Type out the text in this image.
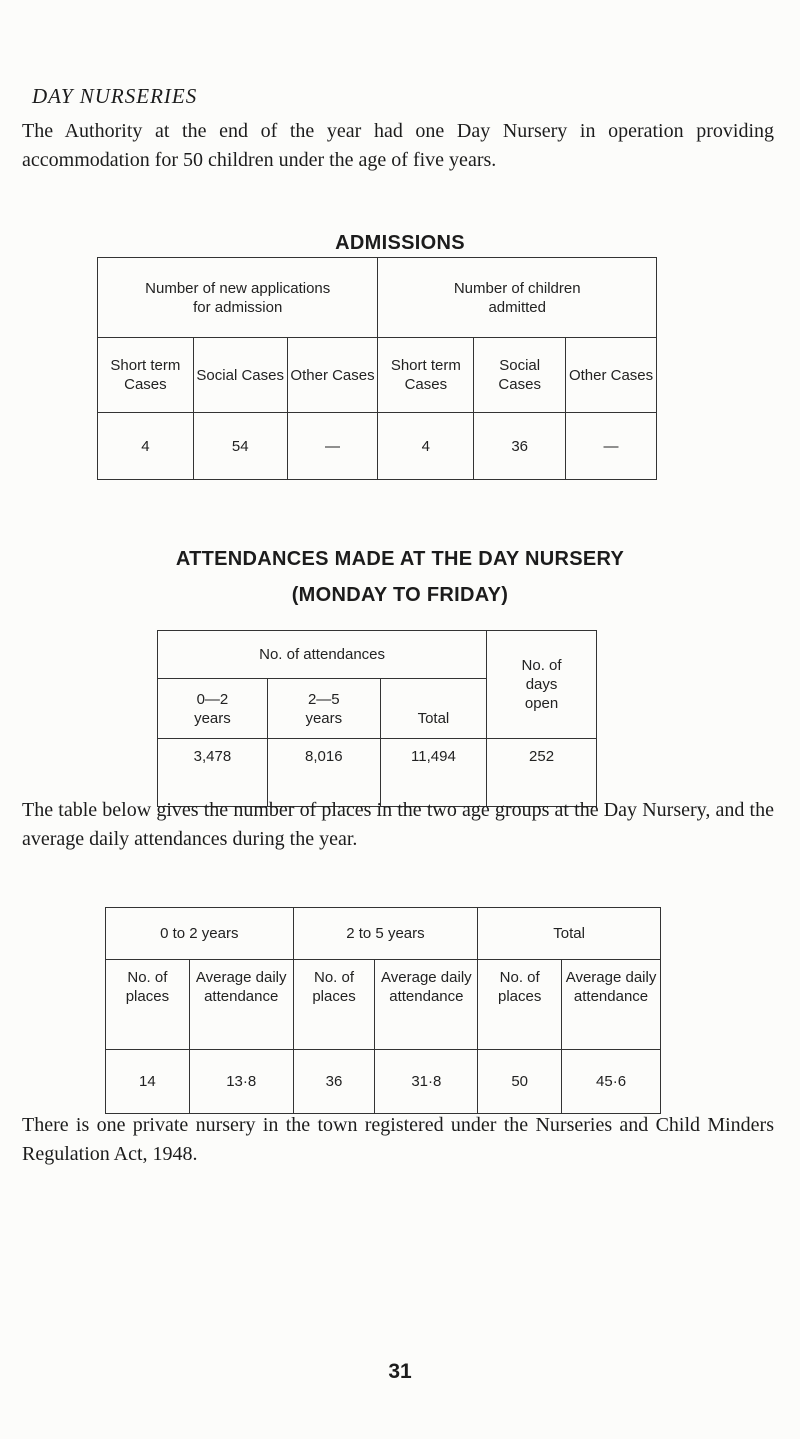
DAY NURSERIES
The Authority at the end of the year had one Day Nursery in operation providing accommodation for 50 children under the age of five years.
ADMISSIONS
Number of new applications for admission			Number of children admitted		
Short term Cases	Social Cases	Other Cases	Short term Cases	Social Cases	Other Cases
4	54	—	4	36	—
ATTENDANCES MADE AT THE DAY NURSERY
(MONDAY TO FRIDAY)
No. of attendances			No. of days open
0—2 years	2—5 years	Total	
3,478	8,016	11,494	252
The table below gives the number of places in the two age groups at the Day Nursery, and the average daily attendances during the year.
0 to 2 years		2 to 5 years		Total	
No. of places	Average daily attendance	No. of places	Average daily attendance	No. of places	Average daily attendance
14	13·8	36	31·8	50	45·6
There is one private nursery in the town registered under the Nurseries and Child Minders Regulation Act, 1948.
31
